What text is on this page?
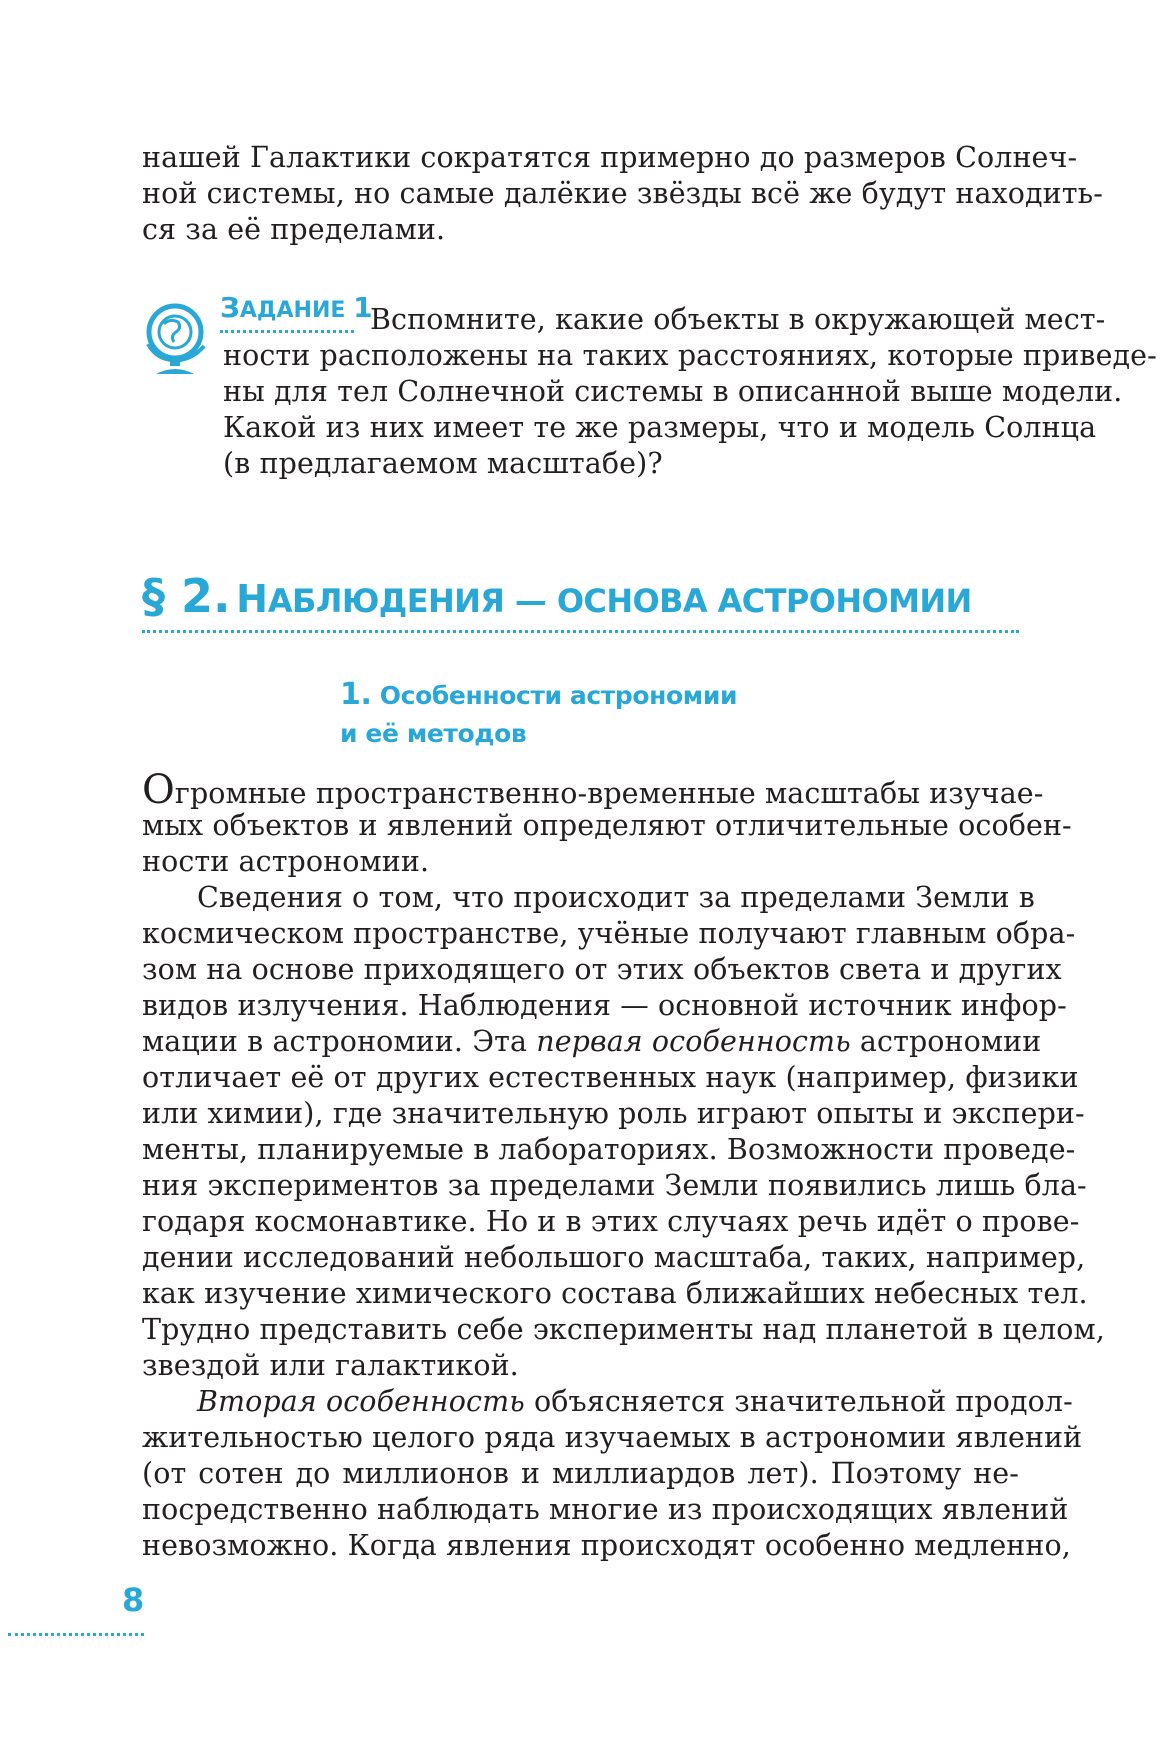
нашей Галактики сократятся примерно до размеров Солнеч-
ной системы, но самые далёкие звёзды всё же будут находить-
ся за её пределами.
ЗАДАНИЕ 1
Вспомните, какие объекты в окружающей мест-
ности расположены на таких расстояниях, которые приведе-
ны для тел Солнечной системы в описанной выше модели.
Какой из них имеет те же размеры, что и модель Солнца
(в предлагаемом масштабе)?
§ 2. НАБЛЮДЕНИЯ — ОСНОВА АСТРОНОМИИ
1. Особенности астрономии
и её методов
Огромные пространственно-временные масштабы изучае-
мых объектов и явлений определяют отличительные особен-
ности астрономии.
Сведения о том, что происходит за пределами Земли в
космическом пространстве, учёные получают главным обра-
зом на основе приходящего от этих объектов света и других
видов излучения. Наблюдения — основной источник инфор-
мации в астрономии. Эта первая особенность астрономии
отличает её от других естественных наук (например, физики
или химии), где значительную роль играют опыты и экспери-
менты, планируемые в лабораториях. Возможности проведе-
ния экспериментов за пределами Земли появились лишь бла-
годаря космонавтике. Но и в этих случаях речь идёт о прове-
дении исследований небольшого масштаба, таких, например,
как изучение химического состава ближайших небесных тел.
Трудно представить себе эксперименты над планетой в целом,
звездой или галактикой.
Вторая особенность объясняется значительной продол-
жительностью целого ряда изучаемых в астрономии явлений
(от сотен до миллионов и миллиардов лет). Поэтому не-
посредственно наблюдать многие из происходящих явлений
невозможно. Когда явления происходят особенно медленно,
8
